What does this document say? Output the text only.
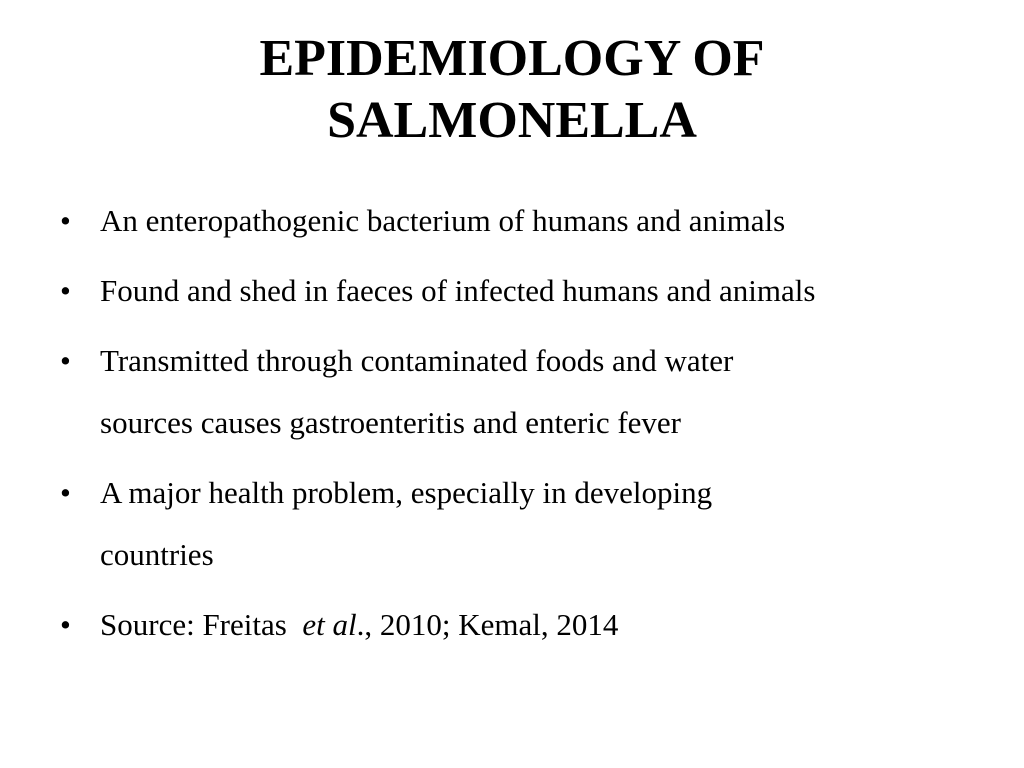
EPIDEMIOLOGY OF
SALMONELLA
• An enteropathogenic bacterium of humans and animals
• Found and shed in faeces of infected humans and animals
• Transmitted through contaminated foods and water
sources causes gastroenteritis and enteric fever
• A major health problem, especially in developing
countries
• Source: Freitas et al., 2010; Kemal, 2014
